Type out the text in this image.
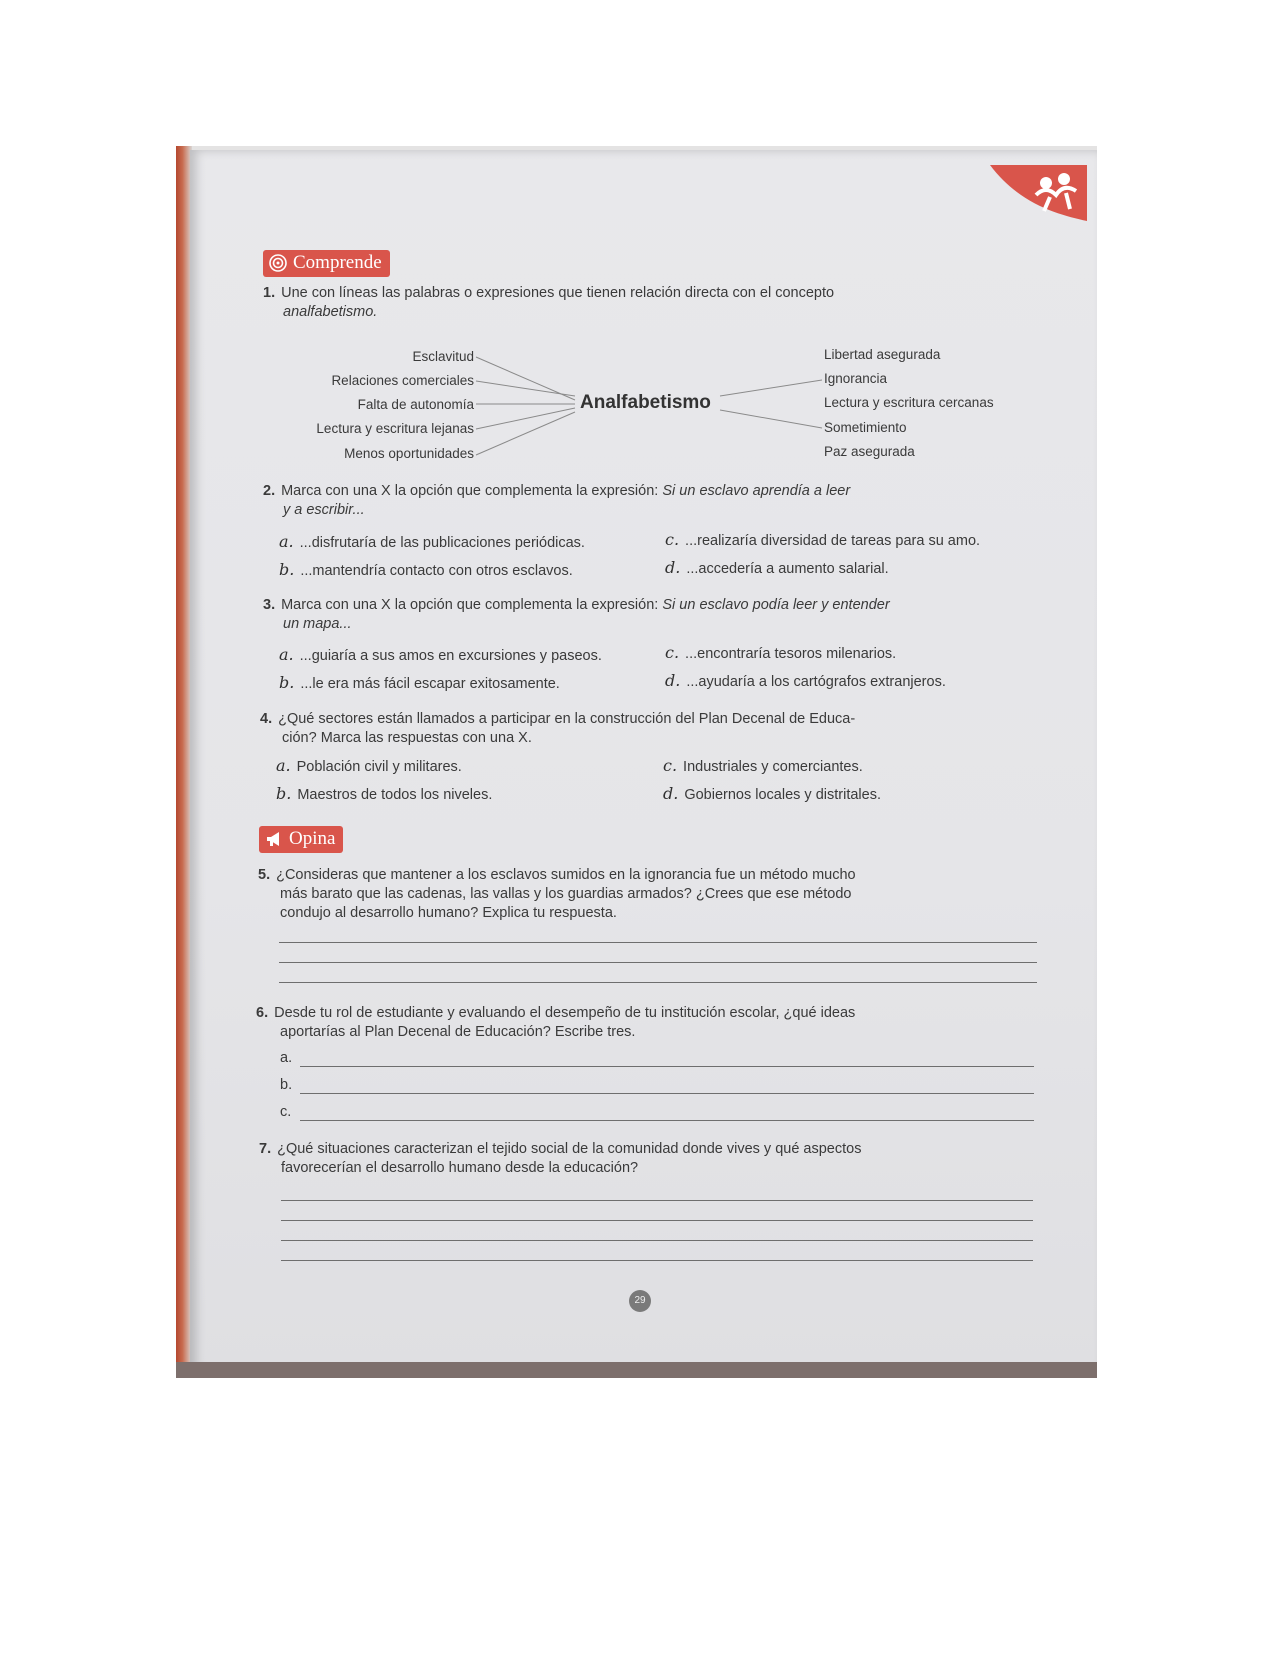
Comprende
1. Une con líneas las palabras o expresiones que tienen relación directa con el concepto
analfabetismo.
Esclavitud
Relaciones comerciales
Falta de autonomía
Lectura y escritura lejanas
Menos oportunidades
Analfabetismo
Libertad asegurada
Ignorancia
Lectura y escritura cercanas
Sometimiento
Paz asegurada
2. Marca con una X la opción que complementa la expresión: Si un esclavo aprendía a leer
y a escribir...
a. ...disfrutaría de las publicaciones periódicas.
b. ...mantendría contacto con otros esclavos.
c. ...realizaría diversidad de tareas para su amo.
d. ...accedería a aumento salarial.
3. Marca con una X la opción que complementa la expresión: Si un esclavo podía leer y entender
un mapa...
a. ...guiaría a sus amos en excursiones y paseos.
b. ...le era más fácil escapar exitosamente.
c. ...encontraría tesoros milenarios.
d. ...ayudaría a los cartógrafos extranjeros.
4. ¿Qué sectores están llamados a participar en la construcción del Plan Decenal de Educa-
ción? Marca las respuestas con una X.
a. Población civil y militares.
b. Maestros de todos los niveles.
c. Industriales y comerciantes.
d. Gobiernos locales y distritales.
Opina
5. ¿Consideras que mantener a los esclavos sumidos en la ignorancia fue un método mucho
más barato que las cadenas, las vallas y los guardias armados? ¿Crees que ese método
condujo al desarrollo humano? Explica tu respuesta.
6. Desde tu rol de estudiante y evaluando el desempeño de tu institución escolar, ¿qué ideas
aportarías al Plan Decenal de Educación? Escribe tres.
a.
b.
c.
7. ¿Qué situaciones caracterizan el tejido social de la comunidad donde vives y qué aspectos
favorecerían el desarrollo humano desde la educación?
29
